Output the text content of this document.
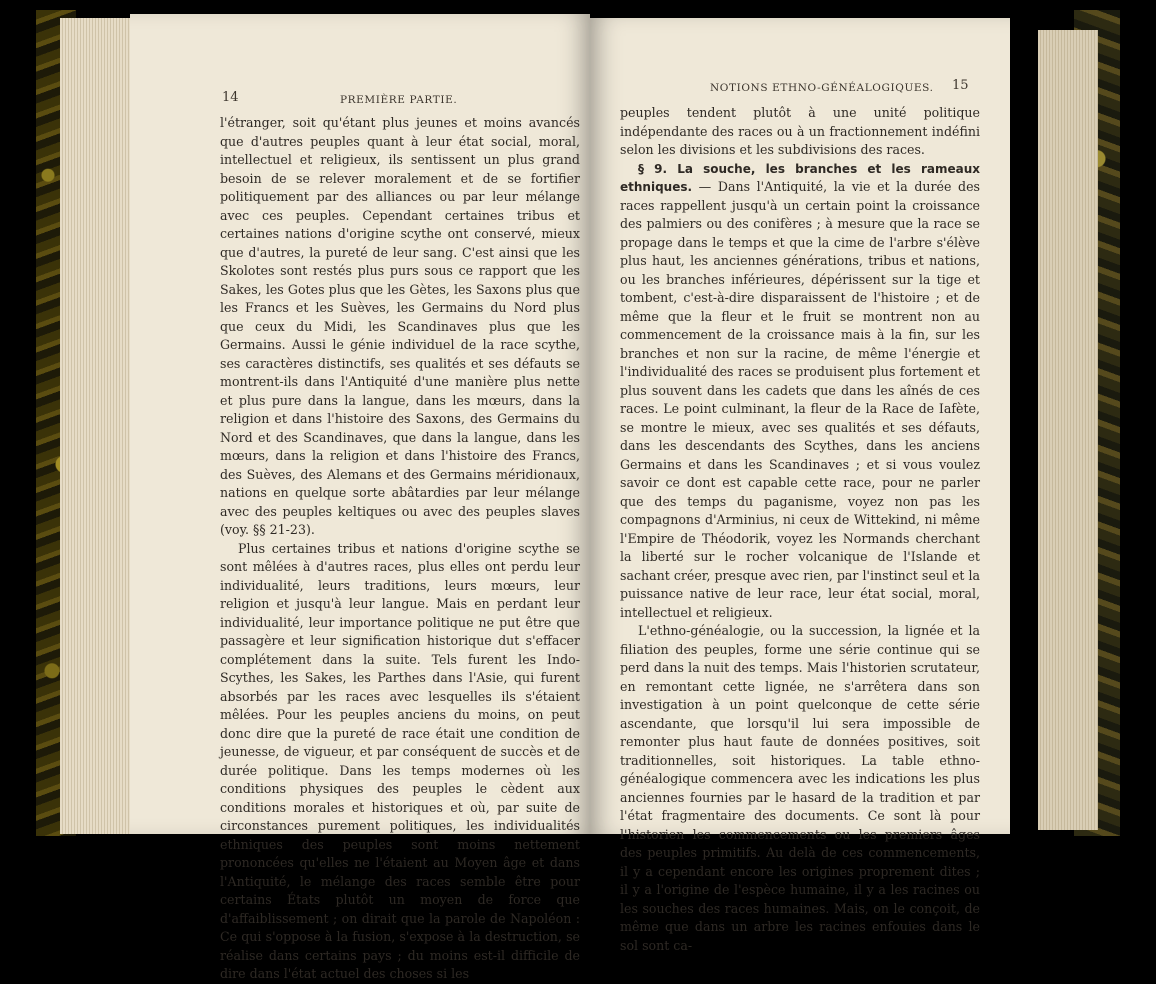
14	PREMIÈRE PARTIE.

l'étranger, soit qu'étant plus jeunes et moins avancés que d'autres peuples quant à leur état social, moral, intellectuel et religieux, ils sentissent un plus grand besoin de se relever moralement et de se fortifier politiquement par des alliances ou par leur mélange avec ces peuples. Cependant certaines tribus et certaines nations d'origine scythe ont conservé, mieux que d'autres, la pureté de leur sang. C'est ainsi que les Skolotes sont restés plus purs sous ce rapport que les Sakes, les Gotes plus que les Gètes, les Saxons plus que les Francs et les Suèves, les Germains du Nord plus que ceux du Midi, les Scandinaves plus que les Germains. Aussi le génie individuel de la race scythe, ses caractères distinctifs, ses qualités et ses défauts se montrent-ils dans l'Antiquité d'une manière plus nette et plus pure dans la langue, dans les mœurs, dans la religion et dans l'histoire des Saxons, des Germains du Nord et des Scandinaves, que dans la langue, dans les mœurs, dans la religion et dans l'histoire des Francs, des Suèves, des Alemans et des Germains méridionaux, nations en quelque sorte abâtardies par leur mélange avec des peuples keltiques ou avec des peuples slaves (voy. §§ 21-23).

Plus certaines tribus et nations d'origine scythe se sont mêlées à d'autres races, plus elles ont perdu leur individualité, leurs traditions, leurs mœurs, leur religion et jusqu'à leur langue. Mais en perdant leur individualité, leur importance politique ne put être que passagère et leur signification historique dut s'effacer complétement dans la suite. Tels furent les Indo-Scythes, les Sakes, les Parthes dans l'Asie, qui furent absorbés par les races avec lesquelles ils s'étaient mêlées. Pour les peuples anciens du moins, on peut donc dire que la pureté de race était une condition de jeunesse, de vigueur, et par conséquent de succès et de durée politique. Dans les temps modernes où les conditions physiques des peuples le cèdent aux conditions morales et historiques et où, par suite de circonstances purement politiques, les individualités ethniques des peuples sont moins nettement prononcées qu'elles ne l'étaient au Moyen âge et dans l'Antiquité, le mélange des races semble être pour certains États plutôt un moyen de force que d'affaiblissement ; on dirait que la parole de Napoléon : Ce qui s'oppose à la fusion, s'expose à la destruction, se réalise dans certains pays ; du moins est-il difficile de dire dans l'état actuel des choses si les

NOTIONS ETHNO-GÉNÉALOGIQUES. 15

peuples tendent plutôt à une unité politique indépendante des races ou à un fractionnement indéfini selon les divisions et les subdivisions des races.

§ 9. La souche, les branches et les rameaux ethniques. — Dans l'Antiquité, la vie et la durée des races rappellent jusqu'à un certain point la croissance des palmiers ou des conifères ; à mesure que la race se propage dans le temps et que la cime de l'arbre s'élève plus haut, les anciennes générations, tribus et nations, ou les branches inférieures, dépérissent sur la tige et tombent, c'est-à-dire disparaissent de l'histoire ; et de même que la fleur et le fruit se montrent non au commencement de la croissance mais à la fin, sur les branches et non sur la racine, de même l'énergie et l'individualité des races se produisent plus fortement et plus souvent dans les cadets que dans les aînés de ces races. Le point culminant, la fleur de la Race de Iafète, se montre le mieux, avec ses qualités et ses défauts, dans les descendants des Scythes, dans les anciens Germains et dans les Scandinaves ; et si vous voulez savoir ce dont est capable cette race, pour ne parler que des temps du paganisme, voyez non pas les compagnons d'Arminius, ni ceux de Wittekind, ni même l'Empire de Théodorik, voyez les Normands cherchant la liberté sur le rocher volcanique de l'Islande et sachant créer, presque avec rien, par l'instinct seul et la puissance native de leur race, leur état social, moral, intellectuel et religieux.

L'ethno-généalogie, ou la succession, la lignée et la filiation des peuples, forme une série continue qui se perd dans la nuit des temps. Mais l'historien scrutateur, en remontant cette lignée, ne s'arrêtera dans son investigation à un point quelconque de cette série ascendante, que lorsqu'il lui sera impossible de remonter plus haut faute de données positives, soit traditionnelles, soit historiques. La table ethno-généalogique commencera avec les indications les plus anciennes fournies par le hasard de la tradition et par l'état fragmentaire des documents. Ce sont là pour l'historien les commencements ou les premiers âges des peuples primitifs. Au delà de ces commencements, il y a cependant encore les origines proprement dites ; il y a l'origine de l'espèce humaine, il y a les racines ou les souches des races humaines. Mais, on le conçoit, de même que dans un arbre les racines enfouies dans le sol sont ca-
